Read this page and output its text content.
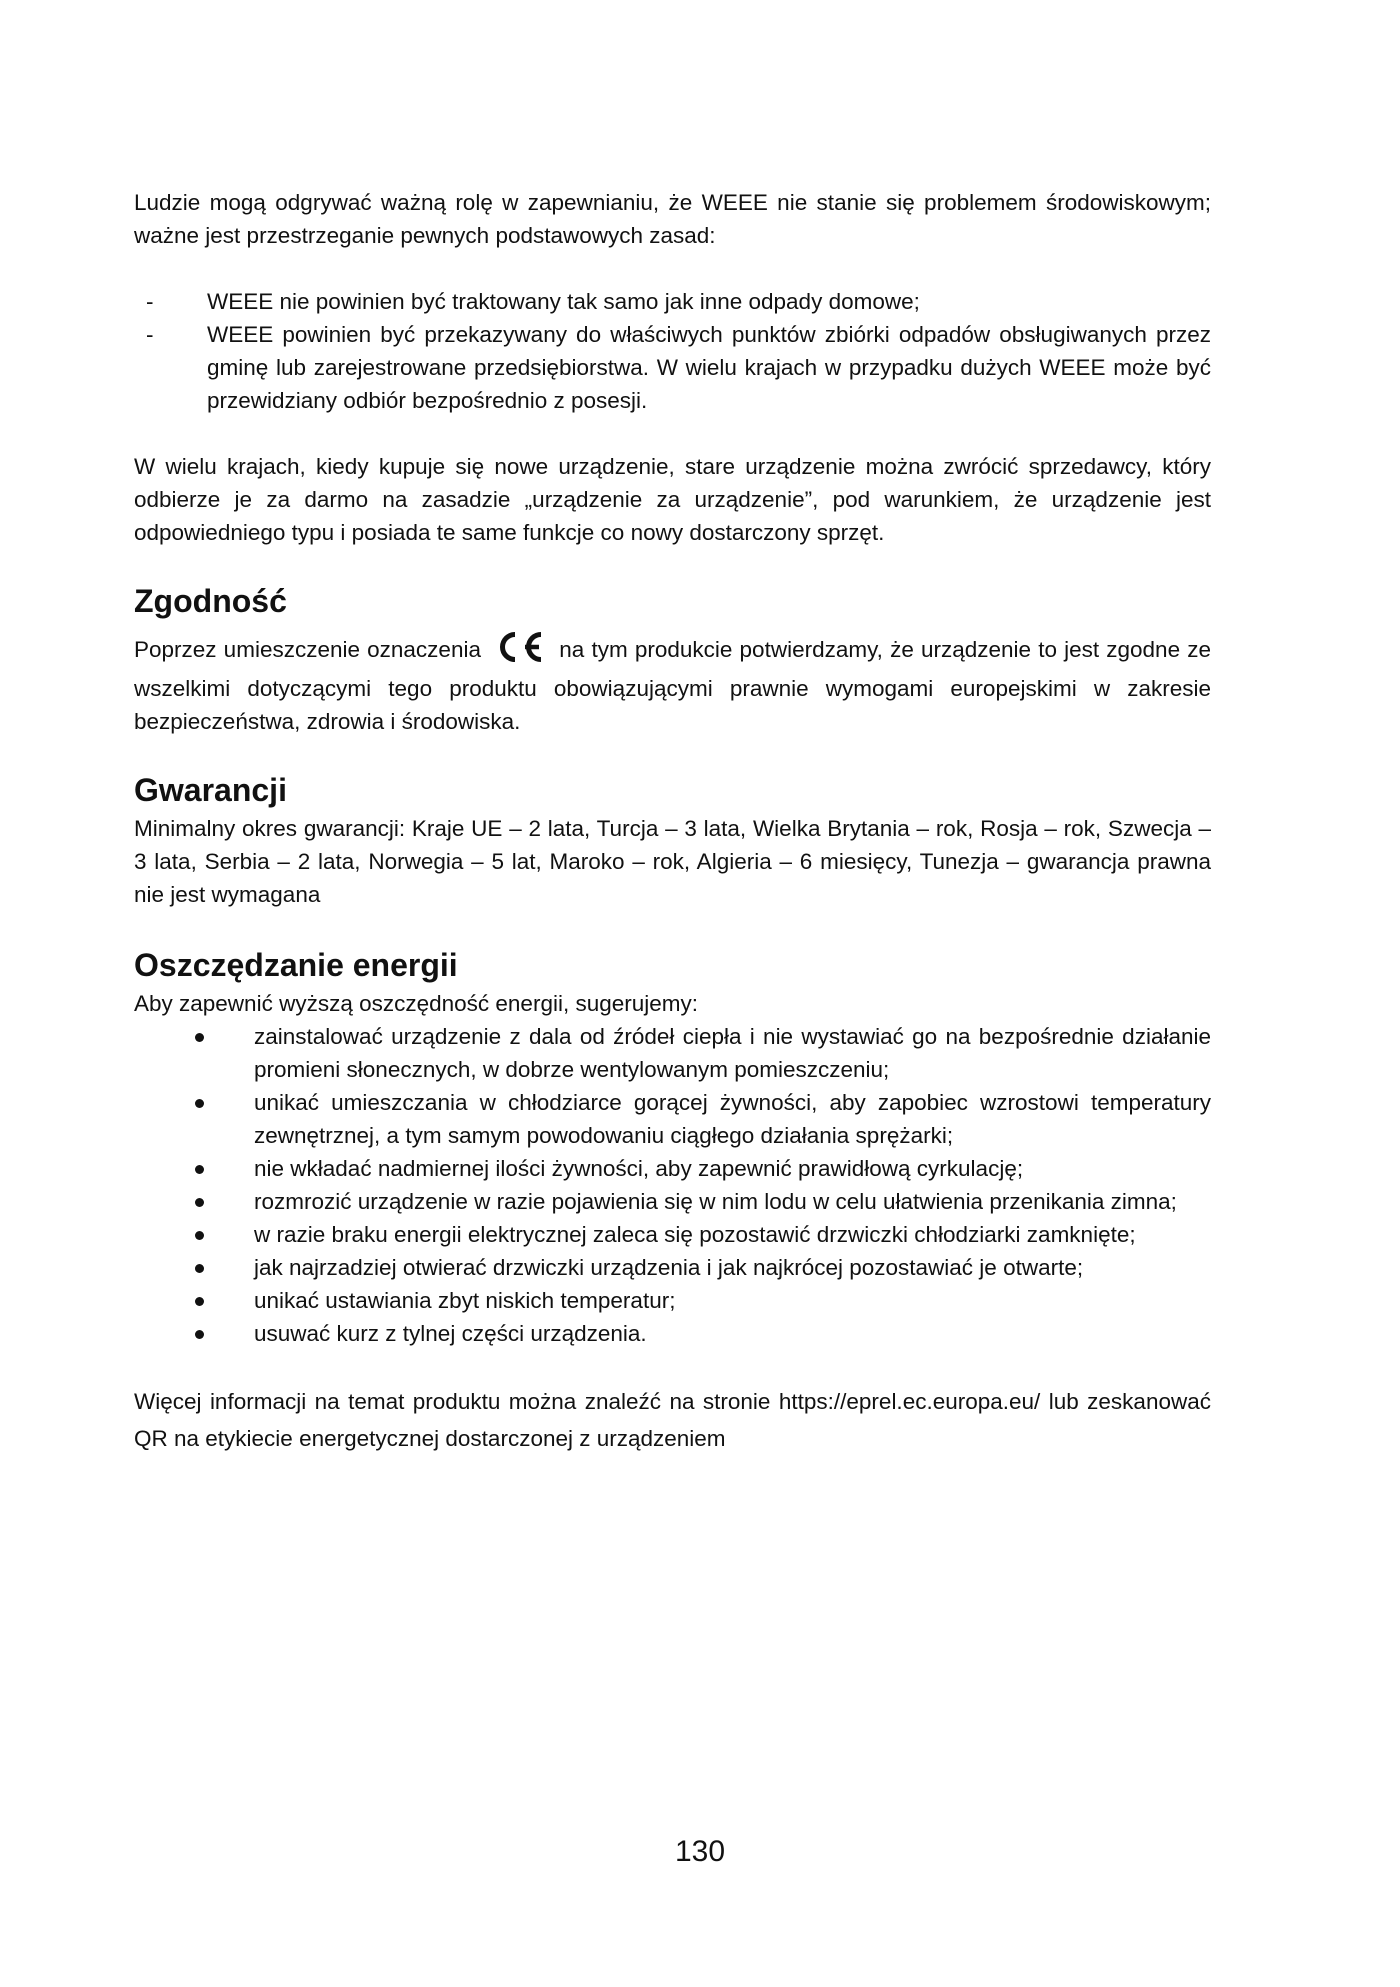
Ludzie mogą odgrywać ważną rolę w zapewnianiu, że WEEE nie stanie się problemem środowiskowym; ważne jest przestrzeganie pewnych podstawowych zasad:

- WEEE nie powinien być traktowany tak samo jak inne odpady domowe;
- WEEE powinien być przekazywany do właściwych punktów zbiórki odpadów obsługiwanych przez gminę lub zarejestrowane przedsiębiorstwa. W wielu krajach w przypadku dużych WEEE może być przewidziany odbiór bezpośrednio z posesji.

W wielu krajach, kiedy kupuje się nowe urządzenie, stare urządzenie można zwrócić sprzedawcy, który odbierze je za darmo na zasadzie „urządzenie za urządzenie”, pod warunkiem, że urządzenie jest odpowiedniego typu i posiada te same funkcje co nowy dostarczony sprzęt.

Zgodność

Poprzez umieszczenie oznaczenia	na tym produkcie potwierdzamy, że urządzenie to jest zgodne ze wszelkimi dotyczącymi tego produktu obowiązującymi prawnie wymogami europejskimi w zakresie bezpieczeństwa, zdrowia i środowiska.

Gwarancji

Minimalny okres gwarancji: Kraje UE – 2 lata, Turcja – 3 lata, Wielka Brytania – rok, Rosja – rok, Szwecja – 3 lata, Serbia – 2 lata, Norwegia – 5 lat, Maroko – rok, Algieria – 6 miesięcy, Tunezja – gwarancja prawna nie jest wymagana

Oszczędzanie energii

Aby zapewnić wyższą oszczędność energii, sugerujemy:

zainstalować urządzenie z dala od źródeł ciepła i nie wystawiać go na bezpośrednie działanie promieni słonecznych, w dobrze wentylowanym pomieszczeniu;
unikać umieszczania w chłodziarce gorącej żywności, aby zapobiec wzrostowi temperatury zewnętrznej, a tym samym powodowaniu ciągłego działania sprężarki;
nie wkładać nadmiernej ilości żywności, aby zapewnić prawidłową cyrkulację;
rozmrozić urządzenie w razie pojawienia się w nim lodu w celu ułatwienia przenikania zimna;
w razie braku energii elektrycznej zaleca się pozostawić drzwiczki chłodziarki zamknięte;
jak najrzadziej otwierać drzwiczki urządzenia i jak najkrócej pozostawiać je otwarte;
unikać ustawiania zbyt niskich temperatur;
usuwać kurz z tylnej części urządzenia.

Więcej informacji na temat produktu można znaleźć na stronie https://eprel.ec.europa.eu/ lub zeskanować QR na etykiecie energetycznej dostarczonej z urządzeniem

130
